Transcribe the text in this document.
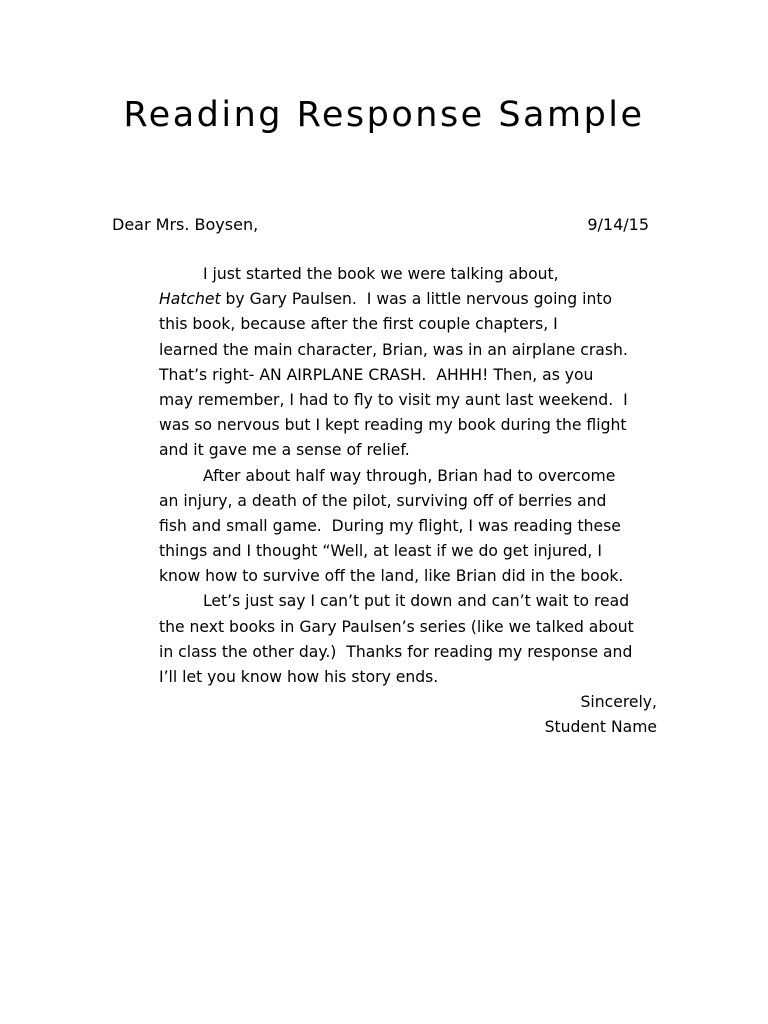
Reading Response Sample
Dear Mrs. Boysen,	9/14/15
I just started the book we were talking about,
Hatchet by Gary Paulsen.  I was a little nervous going into
this book, because after the first couple chapters, I
learned the main character, Brian, was in an airplane crash.
That’s right- AN AIRPLANE CRASH.  AHHH! Then, as you
may remember, I had to fly to visit my aunt last weekend.  I
was so nervous but I kept reading my book during the flight
and it gave me a sense of relief.
After about half way through, Brian had to overcome
an injury, a death of the pilot, surviving off of berries and
fish and small game.  During my flight, I was reading these
things and I thought “Well, at least if we do get injured, I
know how to survive off the land, like Brian did in the book.
Let’s just say I can’t put it down and can’t wait to read
the next books in Gary Paulsen’s series (like we talked about
in class the other day.)  Thanks for reading my response and
I’ll let you know how his story ends.
Sincerely,
Student Name
